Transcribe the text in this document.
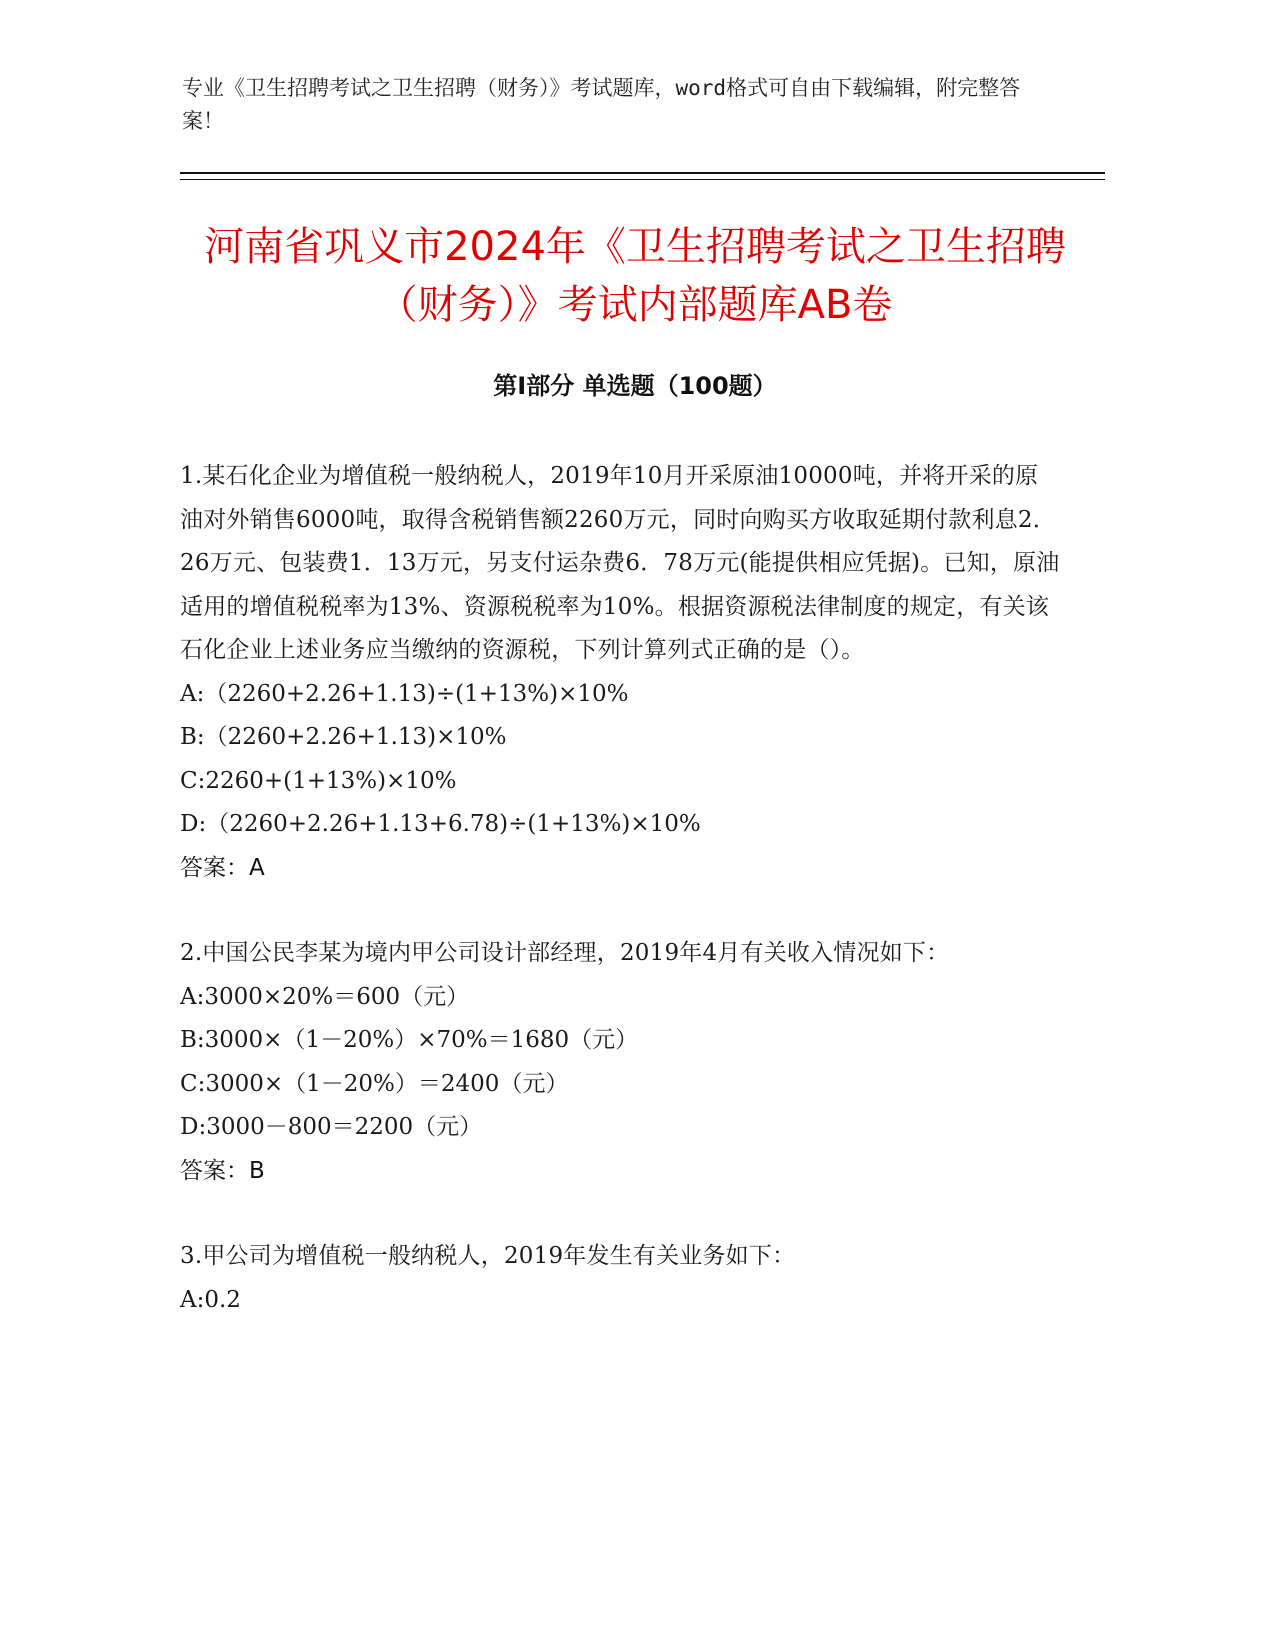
专业《卫生招聘考试之卫生招聘（财务）》考试题库，word格式可自由下载编辑，附完整答案！
河南省巩义市2024年《卫生招聘考试之卫生招聘（财务）》考试内部题库AB卷
第I部分 单选题（100题）

1.某石化企业为增值税一般纳税人，2019年10月开采原油10000吨，并将开采的原油对外销售6000吨，取得含税销售额2260万元，同时向购买方收取延期付款利息2．26万元、包装费1．13万元，另支付运杂费6．78万元(能提供相应凭据)。已知，原油适用的增值税税率为13%、资源税税率为10%。根据资源税法律制度的规定，有关该石化企业上述业务应当缴纳的资源税，下列计算列式正确的是（）。

A:（2260+2.26+1.13)÷(1+13%)×10%

B:（2260+2.26+1.13)×10%

C:2260+(1+13%)×10%

D:（2260+2.26+1.13+6.78)÷(1+13%)×10%

答案：A

2.中国公民李某为境内甲公司设计部经理，2019年4月有关收入情况如下：

A:3000×20%＝600（元）

B:3000×（1－20%）×70%＝1680（元）

C:3000×（1－20%）＝2400（元）

D:3000－800＝2200（元）

答案：B

3.甲公司为增值税一般纳税人，2019年发生有关业务如下：

A:0.2
